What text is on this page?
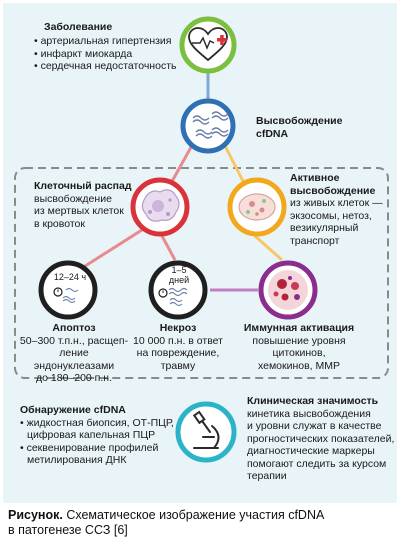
Заболевание
• артериальная гипертензия
• инфаркт миокарда
• сердечная недостаточность
Высвобождение
cfDNA
Клеточный распад
высвобождение
из мертвых клеток
в кровоток
Активное
высвобождение
из живых клеток —
экзосомы, нетоз,
везикулярный
транспорт
12–24 ч
1–5
дней
Апоптоз
50–300 т.п.н., расщеп-
ление эндонуклеазами
до 180–200 п.н.
Некроз
10 000 п.н. в ответ
на повреждение,
травму
Иммунная активация
повышение уровня
цитокинов,
хемокинов, ММР
Обнаружение cfDNA
• жидкостная биопсия, ОТ-ПЦР,
цифровая капельная ПЦР
• секвенирование профилей
метилирования ДНК
Клиническая значимость
кинетика высвобождения
и уровни служат в качестве
прогностических показателей,
диагностические маркеры
помогают следить за курсом
терапии
Рисунок. Схематическое изображение участия cfDNA
в патогенезе ССЗ [6]
